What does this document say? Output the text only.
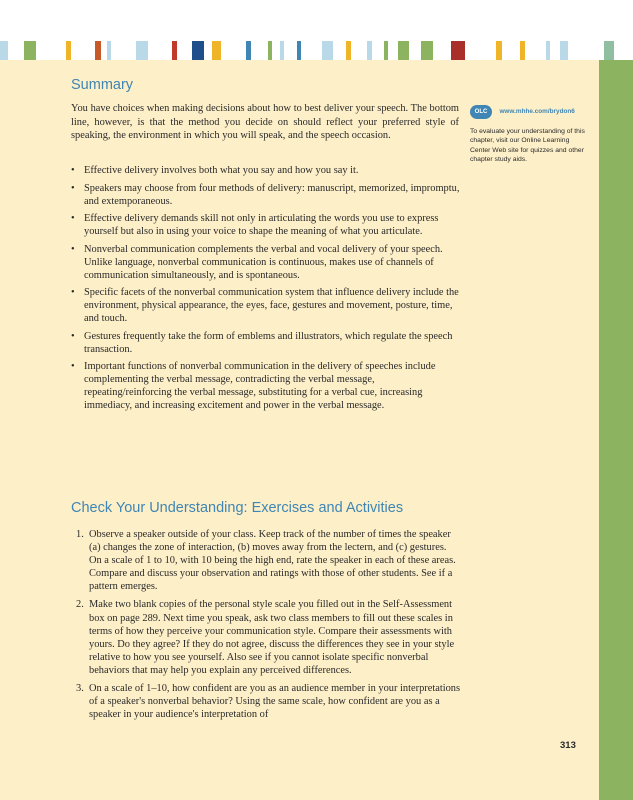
Summary

You have choices when making decisions about how to best deliver your speech. The bottom line, however, is that the method you decide on should reflect your preferred style of speaking, the environment in which you will speak, and the speech occasion.

• Effective delivery involves both what you say and how you say it.
• Speakers may choose from four methods of delivery: manuscript, memorized, impromptu, and extemporaneous.
• Effective delivery demands skill not only in articulating the words you use to express yourself but also in using your voice to shape the meaning of what you articulate.
• Nonverbal communication complements the verbal and vocal delivery of your speech. Unlike language, nonverbal communication is continuous, makes use of channels of communication simultaneously, and is spontaneous.
• Specific facets of the nonverbal communication system that influence delivery include the environment, physical appearance, the eyes, face, gestures and movement, posture, time, and touch.
• Gestures frequently take the form of emblems and illustrators, which regulate the speech transaction.
• Important functions of nonverbal communication in the delivery of speeches include complementing the verbal message, contradicting the verbal message, repeating/reinforcing the verbal message, substituting for a verbal cue, increasing immediacy, and increasing excitement and power in the verbal message.
OLC www.mhhe.com/brydon6
To evaluate your understanding of this chapter, visit our Online Learning Center Web site for quizzes and other chapter study aids.
Check Your Understanding: Exercises and Activities
1. Observe a speaker outside of your class. Keep track of the number of times the speaker (a) changes the zone of interaction, (b) moves away from the lectern, and (c) gestures. On a scale of 1 to 10, with 10 being the high end, rate the speaker in each of these areas. Compare and discuss your observation and ratings with those of other students. See if a pattern emerges.
2. Make two blank copies of the personal style scale you filled out in the Self-Assessment box on page 289. Next time you speak, ask two class members to fill out these scales in terms of how they perceive your communication style. Compare their assessments with yours. Do they agree? If they do not agree, discuss the differences they see in your style relative to how you see yourself. Also see if you cannot isolate specific nonverbal behaviors that may help you explain any perceived differences.
3. On a scale of 1–10, how confident are you as an audience member in your interpretations of a speaker's nonverbal behavior? Using the same scale, how confident are you as a speaker in your audience's interpretation of
313
